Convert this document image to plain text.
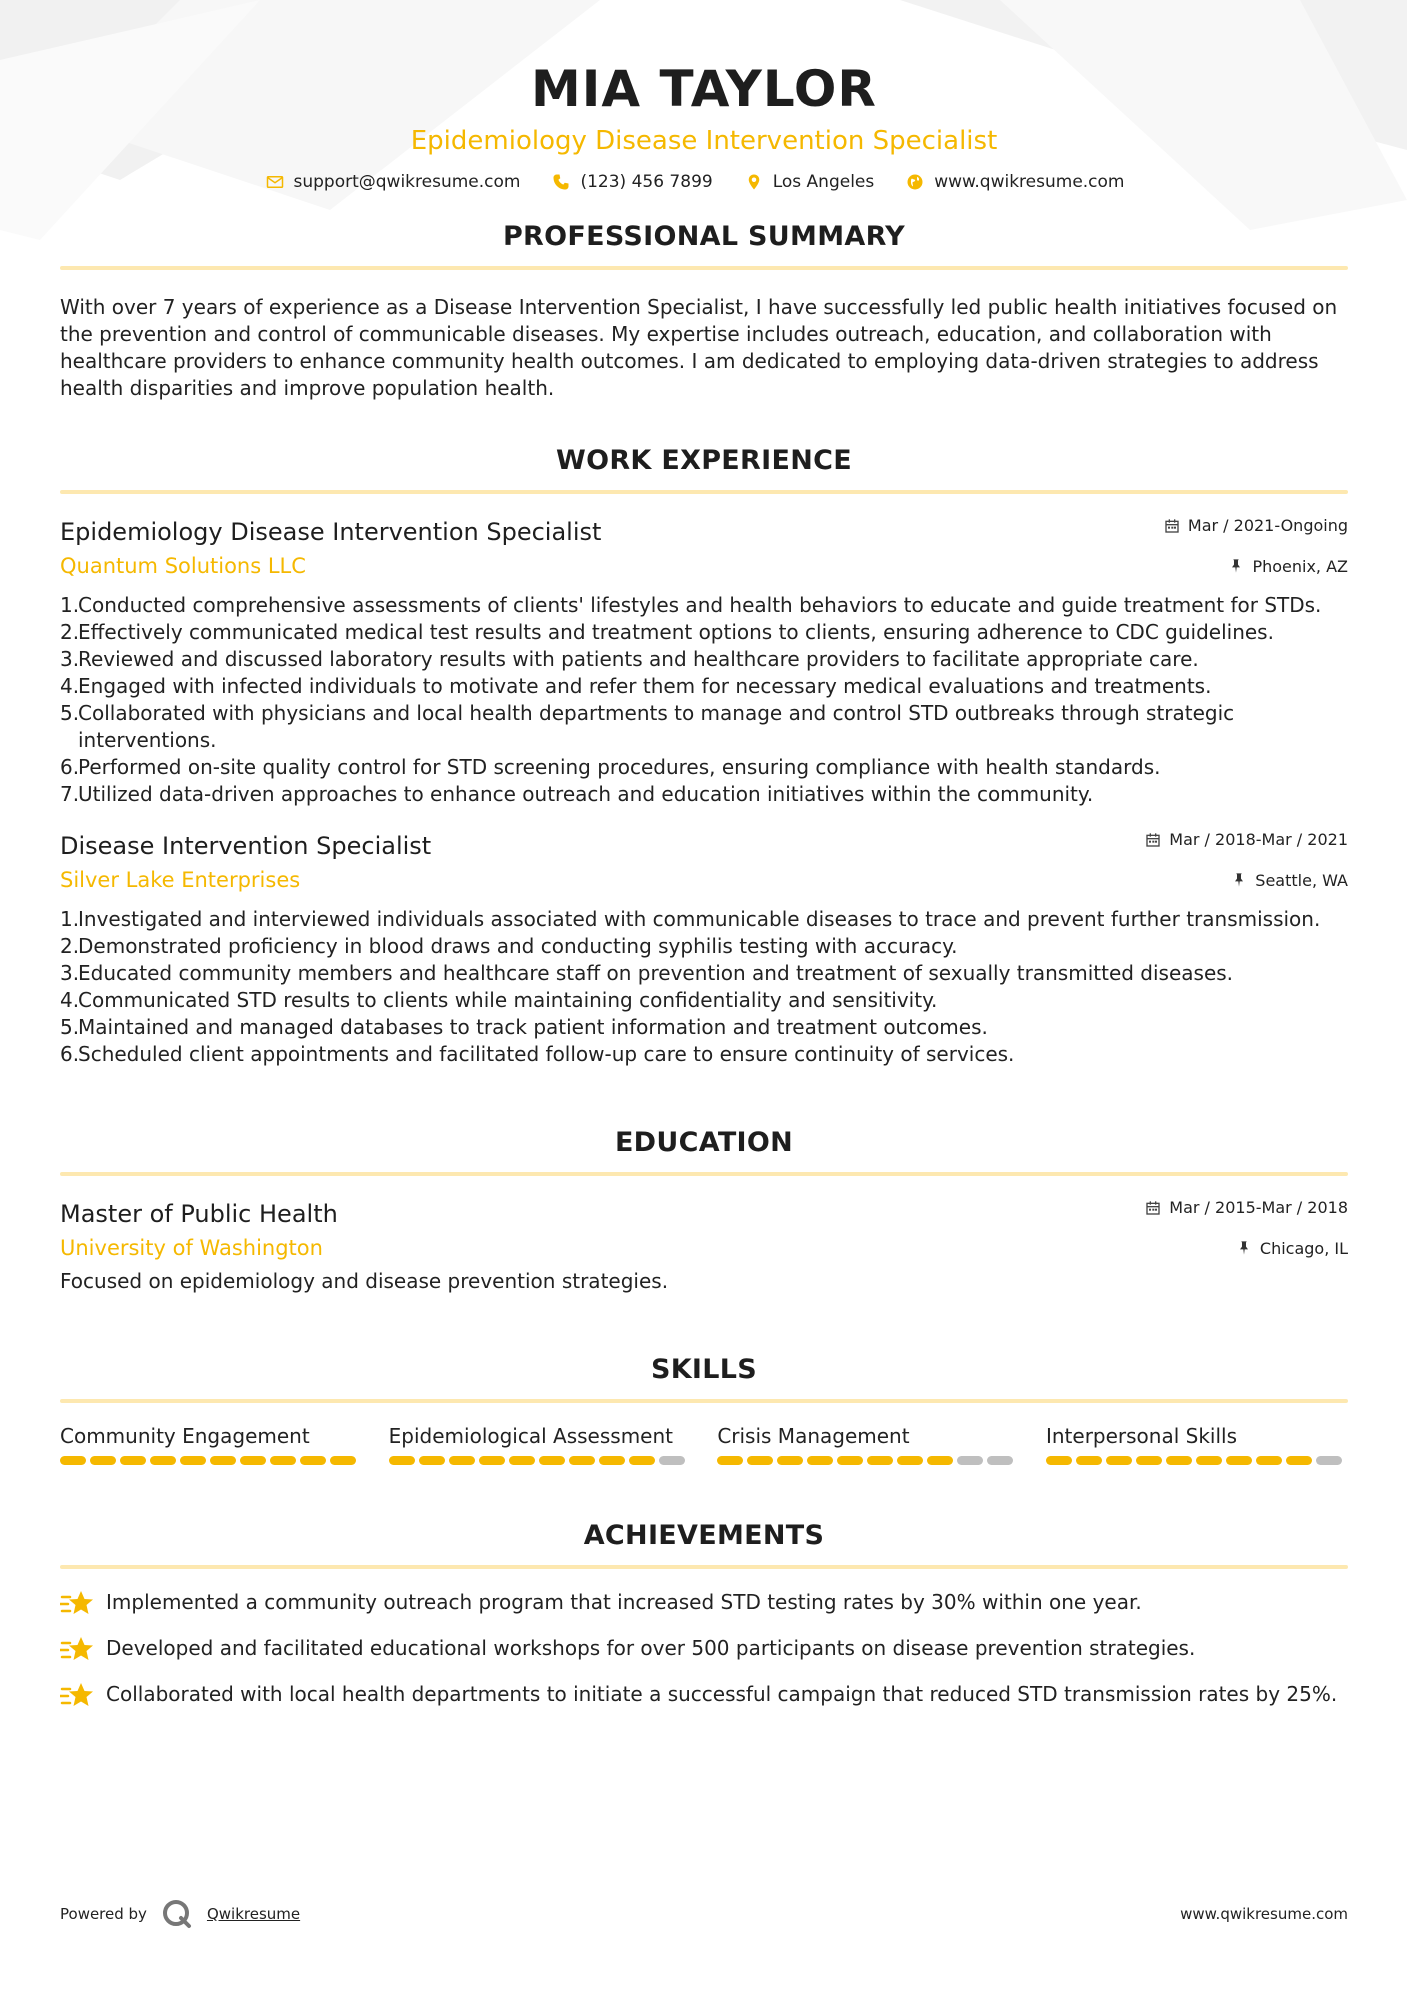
MIA TAYLOR
Epidemiology Disease Intervention Specialist
support@qwikresume.com	(123) 456 7899	Los Angeles	www.qwikresume.com
PROFESSIONAL SUMMARY
With over 7 years of experience as a Disease Intervention Specialist, I have successfully led public health initiatives focused on the prevention and control of communicable diseases. My expertise includes outreach, education, and collaboration with healthcare providers to enhance community health outcomes. I am dedicated to employing data-driven strategies to address health disparities and improve population health.
WORK EXPERIENCE
Epidemiology Disease Intervention Specialist	Mar / 2021-Ongoing
Quantum Solutions LLC	Phoenix, AZ
1.
Conducted comprehensive assessments of clients' lifestyles and health behaviors to educate and guide treatment for STDs.
2.
Effectively communicated medical test results and treatment options to clients, ensuring adherence to CDC guidelines.
3.
Reviewed and discussed laboratory results with patients and healthcare providers to facilitate appropriate care.
4.
Engaged with infected individuals to motivate and refer them for necessary medical evaluations and treatments.
5.
Collaborated with physicians and local health departments to manage and control STD outbreaks through strategic interventions.
6.
Performed on-site quality control for STD screening procedures, ensuring compliance with health standards.
7.
Utilized data-driven approaches to enhance outreach and education initiatives within the community.
Disease Intervention Specialist	Mar / 2018-Mar / 2021
Silver Lake Enterprises	Seattle, WA
1.
Investigated and interviewed individuals associated with communicable diseases to trace and prevent further transmission.
2.
Demonstrated proficiency in blood draws and conducting syphilis testing with accuracy.
3.
Educated community members and healthcare staff on prevention and treatment of sexually transmitted diseases.
4.
Communicated STD results to clients while maintaining confidentiality and sensitivity.
5.
Maintained and managed databases to track patient information and treatment outcomes.
6.
Scheduled client appointments and facilitated follow-up care to ensure continuity of services.
EDUCATION
Master of Public Health	Mar / 2015-Mar / 2018
University of Washington	Chicago, IL
Focused on epidemiology and disease prevention strategies.
SKILLS
Community Engagement	Epidemiological Assessment	Crisis Management	Interpersonal Skills
ACHIEVEMENTS
Implemented a community outreach program that increased STD testing rates by 30% within one year.
Developed and facilitated educational workshops for over 500 participants on disease prevention strategies.
Collaborated with local health departments to initiate a successful campaign that reduced STD transmission rates by 25%.
Powered by	Qwikresume	www.qwikresume.com
